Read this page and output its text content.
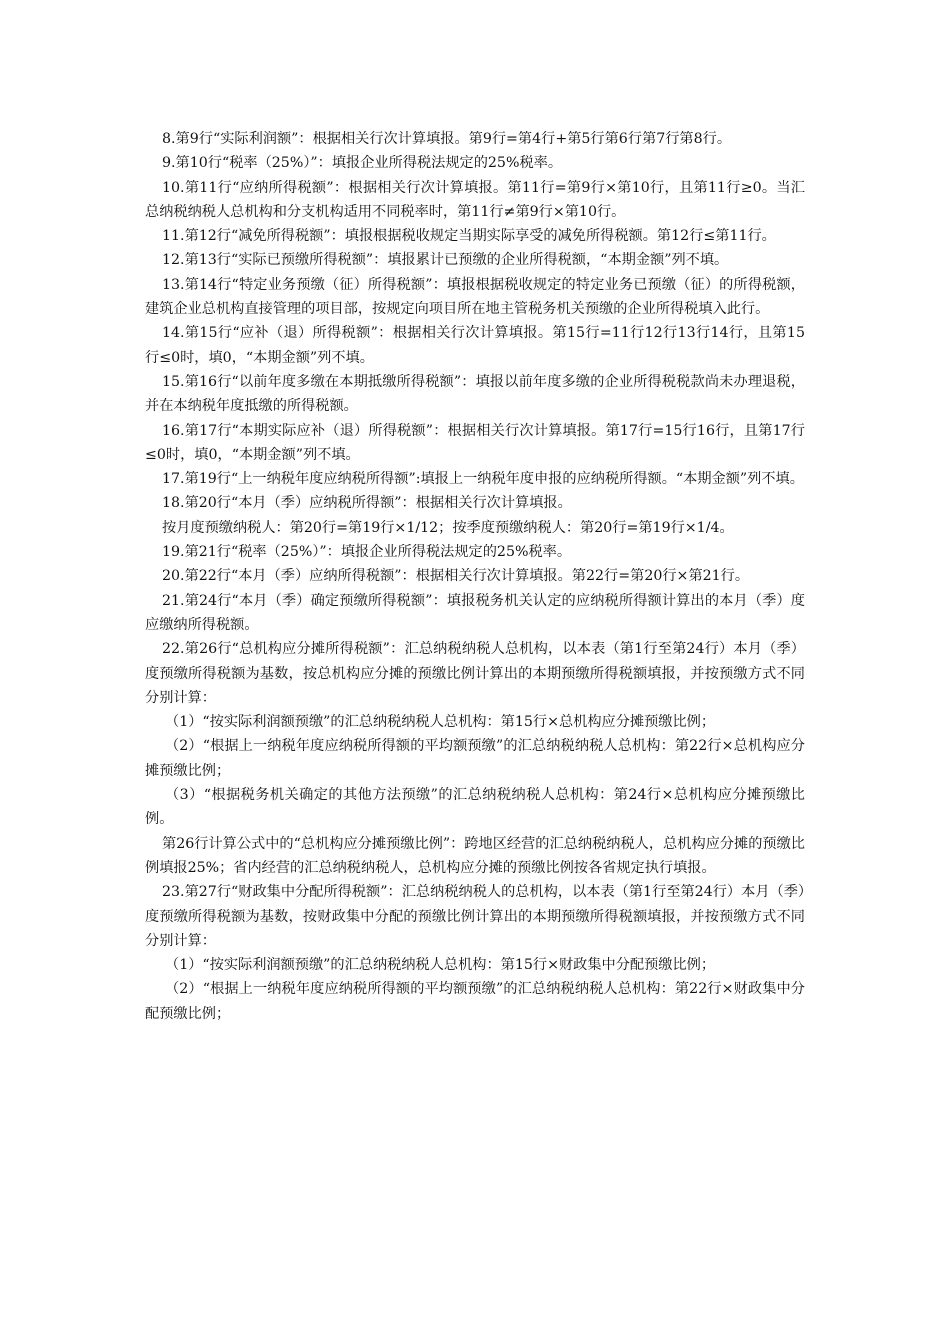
8.第9行“实际利润额”：根据相关行次计算填报。第9行=第4行+第5行第6行第7行第8行。

9.第10行“税率（25%）”：填报企业所得税法规定的25%税率。

10.第11行“应纳所得税额”：根据相关行次计算填报。第11行=第9行×第10行，且第11行≥0。当汇总纳税纳税人总机构和分支机构适用不同税率时，第11行≠第9行×第10行。

11.第12行“减免所得税额”：填报根据税收规定当期实际享受的减免所得税额。第12行≤第11行。

12.第13行“实际已预缴所得税额”：填报累计已预缴的企业所得税额，“本期金额”列不填。

13.第14行“特定业务预缴（征）所得税额”：填报根据税收规定的特定业务已预缴（征）的所得税额，建筑企业总机构直接管理的项目部，按规定向项目所在地主管税务机关预缴的企业所得税填入此行。

14.第15行“应补（退）所得税额”：根据相关行次计算填报。第15行=11行12行13行14行，且第15行≤0时，填0，“本期金额”列不填。

15.第16行“以前年度多缴在本期抵缴所得税额”：填报以前年度多缴的企业所得税税款尚未办理退税，并在本纳税年度抵缴的所得税额。

16.第17行“本期实际应补（退）所得税额”：根据相关行次计算填报。第17行=15行16行，且第17行≤0时，填0，“本期金额”列不填。

17.第19行“上一纳税年度应纳税所得额”:填报上一纳税年度申报的应纳税所得额。“本期金额”列不填。

18.第20行“本月（季）应纳税所得额”：根据相关行次计算填报。

按月度预缴纳税人：第20行=第19行×1/12；按季度预缴纳税人：第20行=第19行×1/4。

19.第21行“税率（25%）”：填报企业所得税法规定的25%税率。

20.第22行“本月（季）应纳所得税额”：根据相关行次计算填报。第22行=第20行×第21行。

21.第24行“本月（季）确定预缴所得税额”：填报税务机关认定的应纳税所得额计算出的本月（季）度应缴纳所得税额。

22.第26行“总机构应分摊所得税额”：汇总纳税纳税人总机构，以本表（第1行至第24行）本月（季）度预缴所得税额为基数，按总机构应分摊的预缴比例计算出的本期预缴所得税额填报，并按预缴方式不同分别计算：

（1）“按实际利润额预缴”的汇总纳税纳税人总机构：第15行×总机构应分摊预缴比例；

（2）“根据上一纳税年度应纳税所得额的平均额预缴”的汇总纳税纳税人总机构：第22行×总机构应分摊预缴比例；

（3）“根据税务机关确定的其他方法预缴”的汇总纳税纳税人总机构：第24行×总机构应分摊预缴比例。

第26行计算公式中的“总机构应分摊预缴比例”：跨地区经营的汇总纳税纳税人，总机构应分摊的预缴比例填报25%；省内经营的汇总纳税纳税人，总机构应分摊的预缴比例按各省规定执行填报。

23.第27行“财政集中分配所得税额”：汇总纳税纳税人的总机构，以本表（第1行至第24行）本月（季）度预缴所得税额为基数，按财政集中分配的预缴比例计算出的本期预缴所得税额填报，并按预缴方式不同分别计算：

（1）“按实际利润额预缴”的汇总纳税纳税人总机构：第15行×财政集中分配预缴比例；

（2）“根据上一纳税年度应纳税所得额的平均额预缴”的汇总纳税纳税人总机构：第22行×财政集中分配预缴比例；
